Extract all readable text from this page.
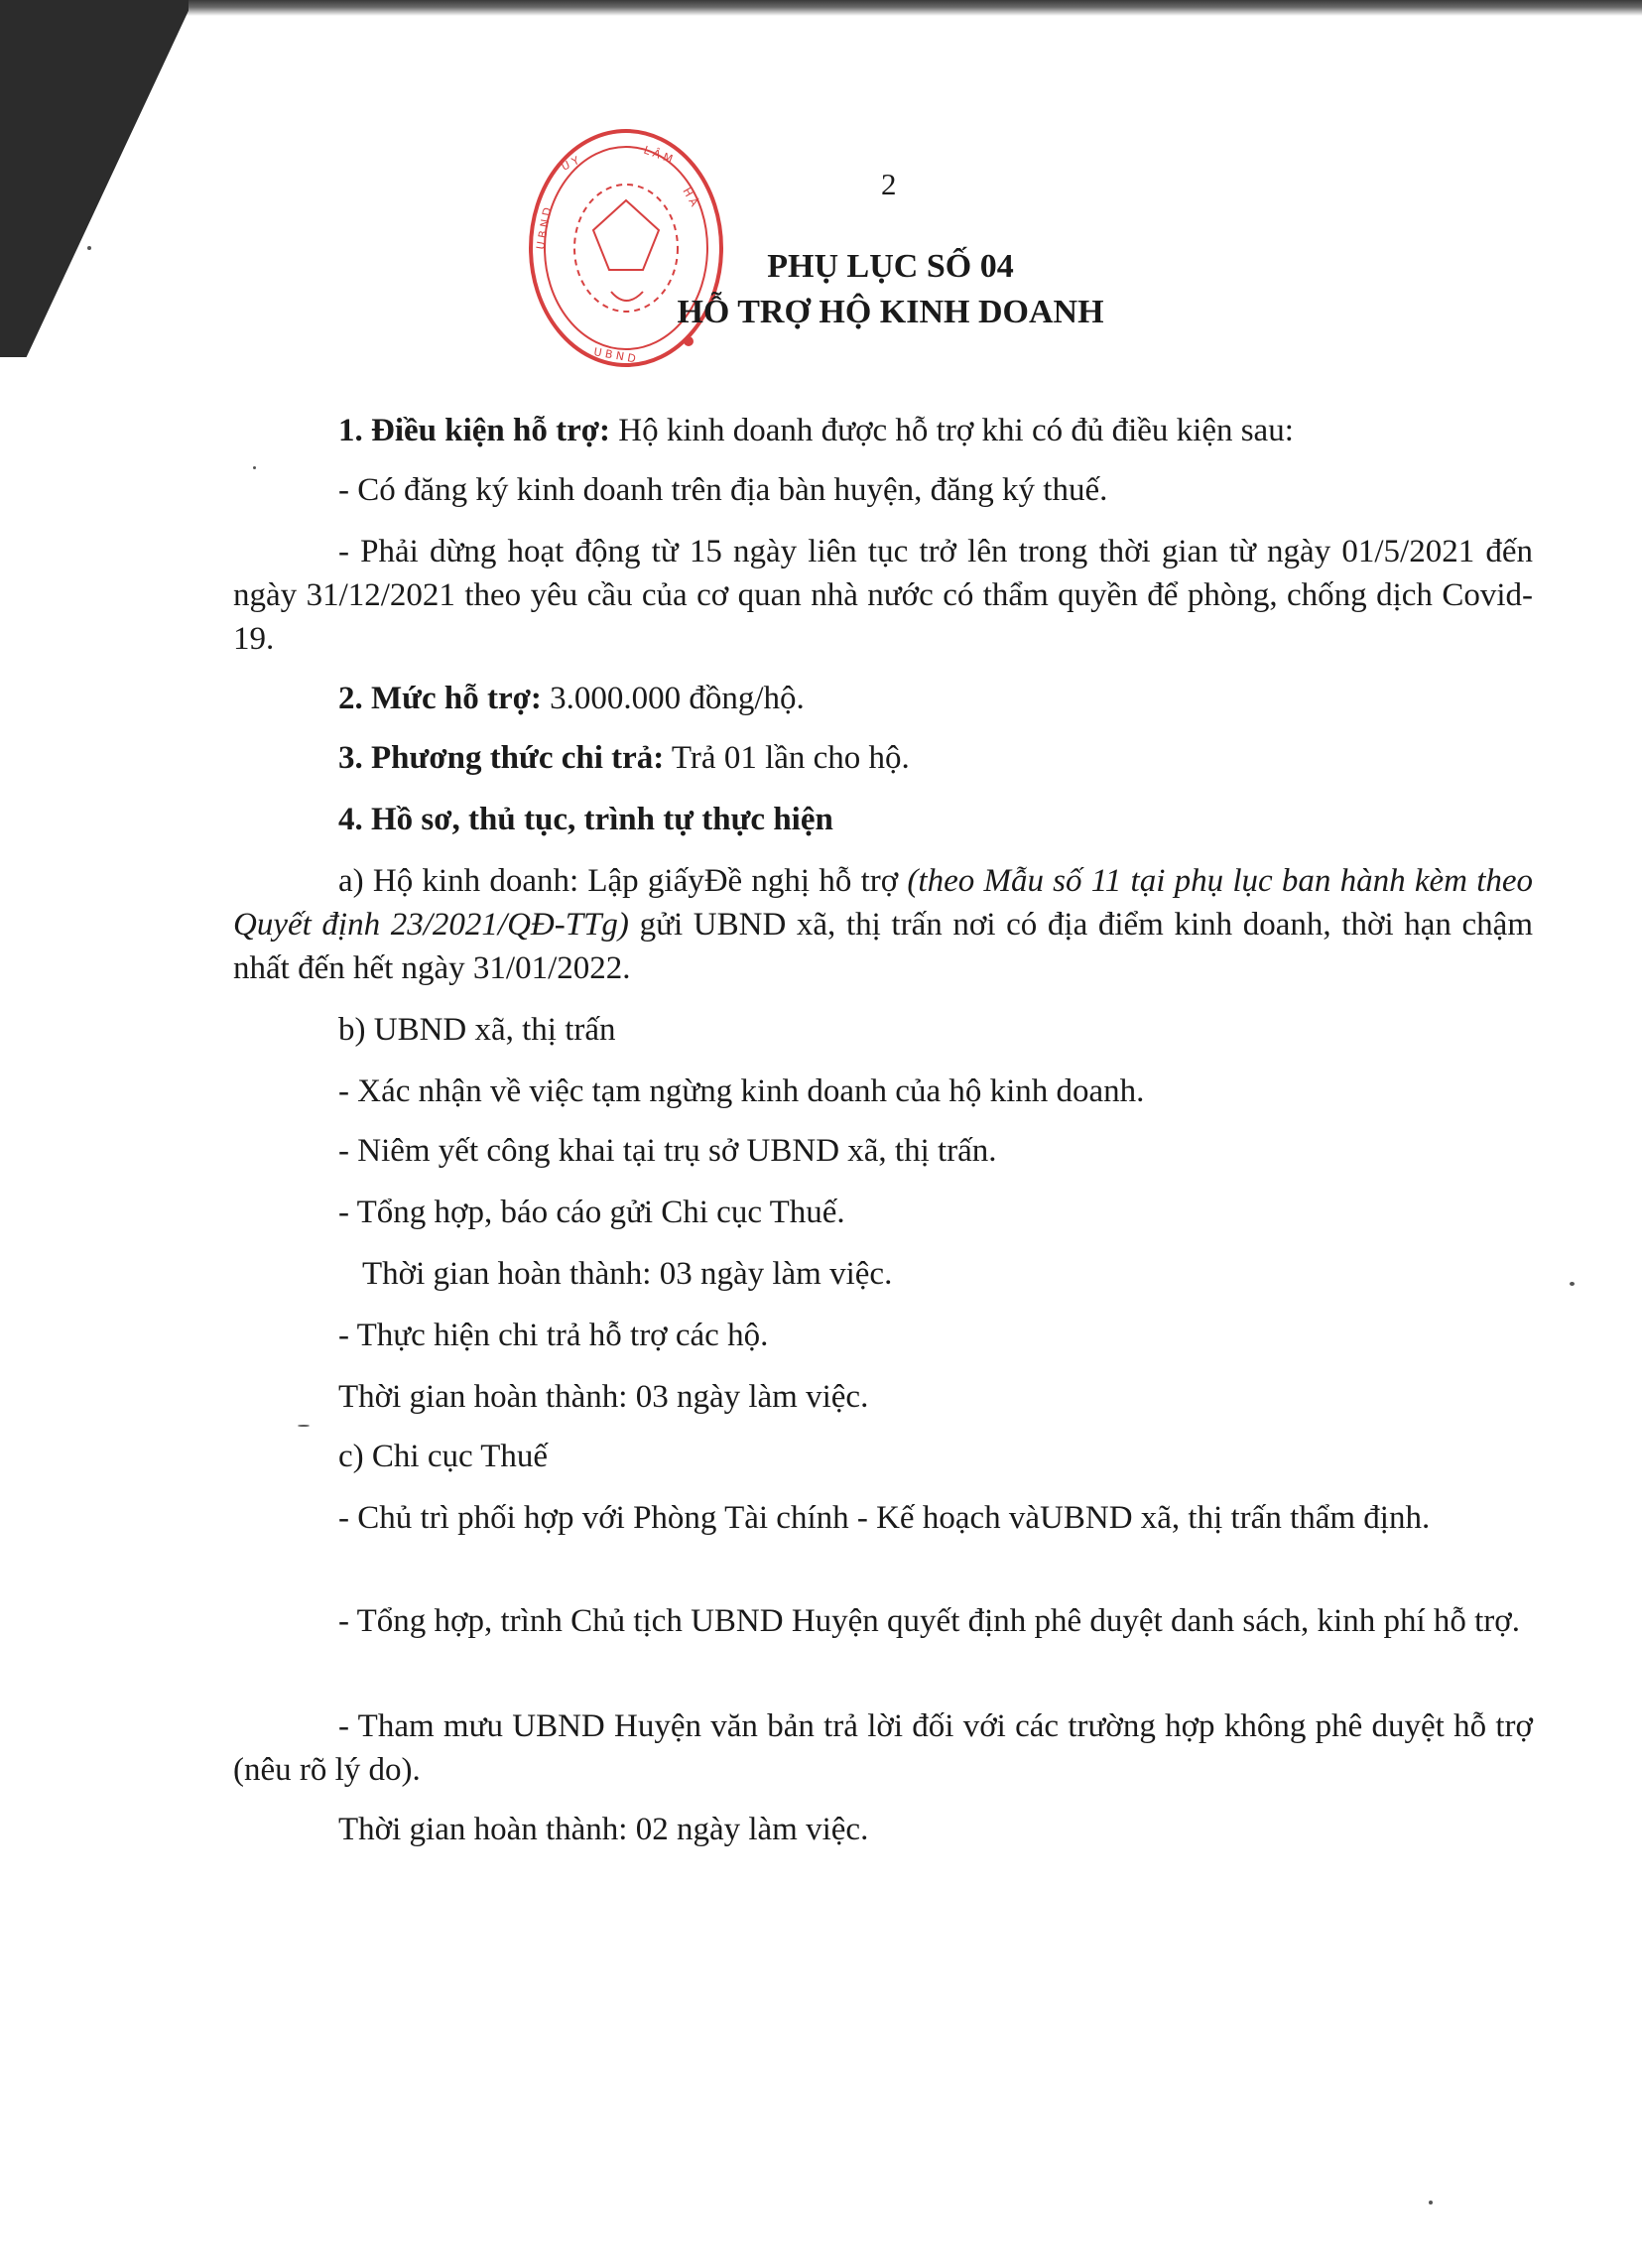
2
U Y	L Â M
H À
U B N D
U B N D
PHỤ LỤC SỐ 04
HỖ TRỢ HỘ KINH DOANH

1. Điều kiện hỗ trợ: Hộ kinh doanh được hỗ trợ khi có đủ điều kiện sau:

- Có đăng ký kinh doanh trên địa bàn huyện, đăng ký thuế.

- Phải dừng hoạt động từ 15 ngày liên tục trở lên trong thời gian từ ngày 01/5/2021 đến ngày 31/12/2021 theo yêu cầu của cơ quan nhà nước có thẩm quyền để phòng, chống dịch Covid-19.

2. Mức hỗ trợ: 3.000.000 đồng/hộ.

3. Phương thức chi trả: Trả 01 lần cho hộ.

4. Hồ sơ, thủ tục, trình tự thực hiện

a) Hộ kinh doanh: Lập giấyĐề nghị hỗ trợ (theo Mẫu số 11 tại phụ lục ban hành kèm theo Quyết định 23/2021/QĐ-TTg) gửi UBND xã, thị trấn nơi có địa điểm kinh doanh, thời hạn chậm nhất đến hết ngày 31/01/2022.

b) UBND xã, thị trấn

- Xác nhận về việc tạm ngừng kinh doanh của hộ kinh doanh.

- Niêm yết công khai tại trụ sở UBND xã, thị trấn.

- Tổng hợp, báo cáo gửi Chi cục Thuế.

Thời gian hoàn thành: 03 ngày làm việc.

- Thực hiện chi trả hỗ trợ các hộ.

Thời gian hoàn thành: 03 ngày làm việc.

c) Chi cục Thuế

- Chủ trì phối hợp với Phòng Tài chính - Kế hoạch vàUBND xã, thị trấn thẩm định.

- Tổng hợp, trình Chủ tịch UBND Huyện quyết định phê duyệt danh sách, kinh phí hỗ trợ.

- Tham mưu UBND Huyện văn bản trả lời đối với các trường hợp không phê duyệt hỗ trợ (nêu rõ lý do).

Thời gian hoàn thành: 02 ngày làm việc.
